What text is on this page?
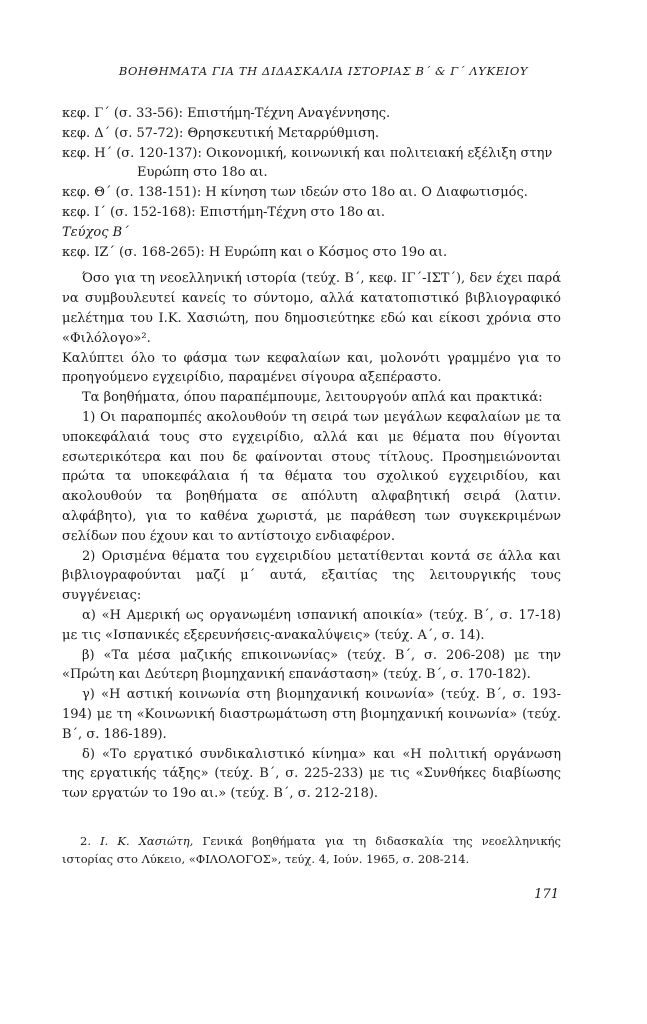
ΒΟΗΘΗΜΑΤΑ ΓΙΑ ΤΗ ΔΙΔΑΣΚΑΛΙΑ ΙΣΤΟΡΙΑΣ Β΄ & Γ΄ ΛΥΚΕΙΟΥ

κεφ. Γ΄ (σ. 33-56): Επιστήμη-Τέχνη Αναγέννησης.

κεφ. Δ΄ (σ. 57-72): Θρησκευτική Μεταρρύθμιση.

κεφ. Η΄ (σ. 120-137): Οικονομική, κοινωνική και πολιτειακή εξέλιξη στην

Ευρώπη στο 18ο αι.

κεφ. Θ΄ (σ. 138-151): Η κίνηση των ιδεών στο 18ο αι. Ο Διαφωτισμός.

κεφ. Ι΄ (σ. 152-168): Επιστήμη-Τέχνη στο 18ο αι.

Τεύχος Β΄

κεφ. ΙΖ΄ (σ. 168-265): Η Ευρώπη και ο Κόσμος στο 19ο αι.

Όσο για τη νεοελληνική ιστορία (τεύχ. Β΄, κεφ. ΙΓ΄-ΙΣΤ΄), δεν έχει παρά να συμβουλευτεί κανείς το σύντομο, αλλά κατατοπιστικό βιβλιογραφικό μελέτημα του Ι.Κ. Χασιώτη, που δημοσιεύτηκε εδώ και είκοσι χρόνια στο «Φιλόλογο»².

Καλύπτει όλο το φάσμα των κεφαλαίων και, μολονότι γραμμένο για το προηγούμενο εγχειρίδιο, παραμένει σίγουρα αξεπέραστο.

Τα βοηθήματα, όπου παραπέμπουμε, λειτουργούν απλά και πρακτικά:

1) Οι παραπομπές ακολουθούν τη σειρά των μεγάλων κεφαλαίων με τα υποκεφάλαιά τους στο εγχειρίδιο, αλλά και με θέματα που θίγονται εσωτερικότερα και που δε φαίνονται στους τίτλους. Προσημειώνονται πρώτα τα υποκεφάλαια ή τα θέματα του σχολικού εγχειριδίου, και ακολουθούν τα βοηθήματα σε απόλυτη αλφαβητική σειρά (λατιν. αλφάβητο), για το καθένα χωριστά, με παράθεση των συγκεκριμένων σελίδων που έχουν και το αντίστοιχο ενδιαφέρον.

2) Ορισμένα θέματα του εγχειριδίου μετατίθενται κοντά σε άλλα και βιβλιογραφούνται μαζί μ΄ αυτά, εξαιτίας της λειτουργικής τους συγγένειας:

α) «Η Αμερική ως οργανωμένη ισπανική αποικία» (τεύχ. Β΄, σ. 17-18) με τις «Ισπανικές εξερευνήσεις-ανακαλύψεις» (τεύχ. Α΄, σ. 14).

β) «Τα μέσα μαζικής επικοινωνίας» (τεύχ. Β΄, σ. 206-208) με την «Πρώτη και Δεύτερη βιομηχανική επανάσταση» (τεύχ. Β΄, σ. 170-182).

γ) «Η αστική κοινωνία στη βιομηχανική κοινωνία» (τεύχ. Β΄, σ. 193-194) με τη «Κοινωνική διαστρωμάτωση στη βιομηχανική κοινωνία» (τεύχ. Β΄, σ. 186-189).

δ) «Το εργατικό συνδικαλιστικό κίνημα» και «Η πολιτική οργάνωση της εργατικής τάξης» (τεύχ. Β΄, σ. 225-233) με τις «Συνθήκες διαβίωσης των εργατών το 19ο αι.» (τεύχ. Β΄, σ. 212-218).

2. Ι. Κ. Χασιώτη, Γενικά βοηθήματα για τη διδασκαλία της νεοελληνικής ιστορίας στο Λύκειο, «ΦΙΛΟΛΟΓΟΣ», τεύχ. 4, Ιούν. 1965, σ. 208-214.

171
